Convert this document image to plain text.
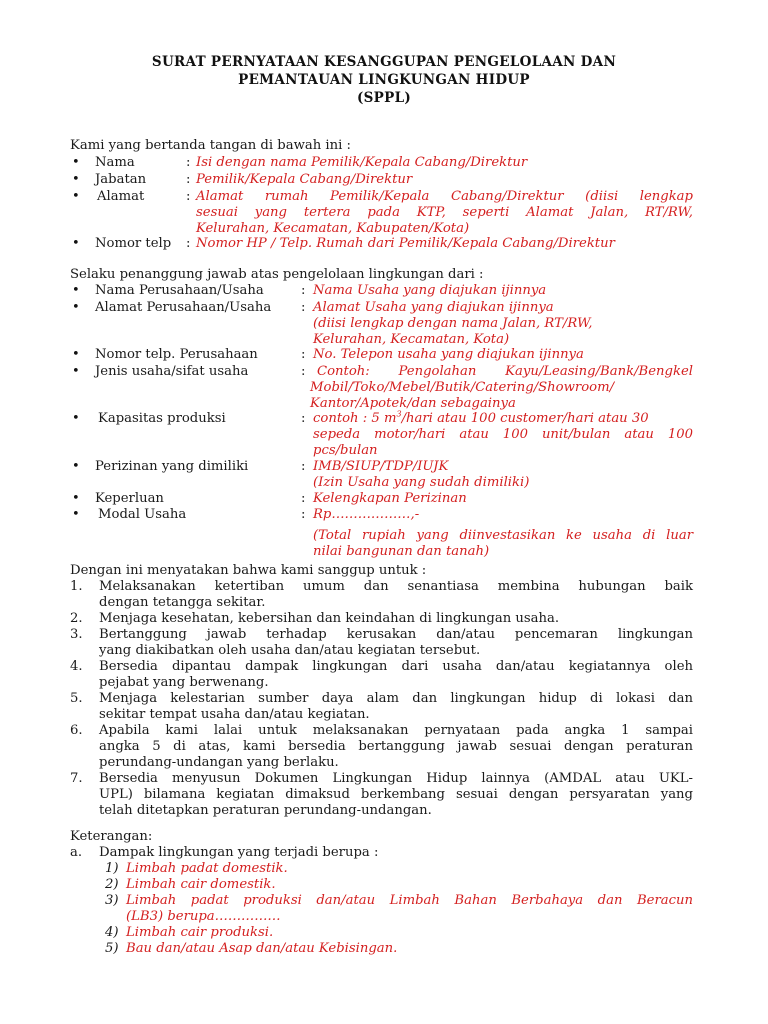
SURAT PERNYATAAN KESANGGUPAN PENGELOLAAN DAN
PEMANTAUAN LINGKUNGAN HIDUP
(SPPL)
Kami yang bertanda tangan di bawah ini :
• Nama	: Isi dengan nama Pemilik/Kepala Cabang/Direktur
• Jabatan	: Pemilik/Kepala Cabang/Direktur
• Alamat	: Alamat rumah Pemilik/Kepala Cabang/Direktur (diisi lengkap
sesuai yang tertera pada KTP, seperti Alamat Jalan, RT/RW,
Kelurahan, Kecamatan, Kabupaten/Kota)
• Nomor telp : Nomor HP / Telp. Rumah dari Pemilik/Kepala Cabang/Direktur
Selaku penanggung jawab atas pengelolaan lingkungan dari :
• Nama Perusahaan/Usaha	: Nama Usaha yang diajukan ijinnya
• Alamat Perusahaan/Usaha : Alamat Usaha yang diajukan ijinnya
(diisi lengkap dengan nama Jalan, RT/RW,
Kelurahan, Kecamatan, Kota)
• Nomor telp. Perusahaan	: No. Telepon usaha yang diajukan ijinnya
• Jenis usaha/sifat usaha	: Contoh: Pengolahan Kayu/Leasing/Bank/Bengkel
Mobil/Toko/Mebel/Butik/Catering/Showroom/
Kantor/Apotek/dan sebagainya
• Kapasitas produksi	: contoh : 5 $m^3$/hari atau 100 customer/hari atau 30
sepeda motor/hari atau 100 unit/bulan atau 100
pcs/bulan
• Perizinan yang dimiliki	: IMB/SIUP/TDP/IUJK
(Izin Usaha yang sudah dimiliki)
• Keperluan	: Kelengkapan Perizinan
• Modal Usaha	: Rp………………,-
(Total rupiah yang diinvestasikan ke usaha di luar
nilai bangunan dan tanah)
Dengan ini menyatakan bahwa kami sanggup untuk :
1. Melaksanakan ketertiban umum dan senantiasa membina hubungan baik
dengan tetangga sekitar.
2. Menjaga kesehatan, kebersihan dan keindahan di lingkungan usaha.
3. Bertanggung jawab terhadap kerusakan dan/atau pencemaran lingkungan
yang diakibatkan oleh usaha dan/atau kegiatan tersebut.
4. Bersedia dipantau dampak lingkungan dari usaha dan/atau kegiatannya oleh
pejabat yang berwenang.
5. Menjaga kelestarian sumber daya alam dan lingkungan hidup di lokasi dan
sekitar tempat usaha dan/atau kegiatan.
6. Apabila kami lalai untuk melaksanakan pernyataan pada angka 1 sampai
angka 5 di atas, kami bersedia bertanggung jawab sesuai dengan peraturan
perundang-undangan yang berlaku.
7. Bersedia menyusun Dokumen Lingkungan Hidup lainnya (AMDAL atau UKL-
UPL) bilamana kegiatan dimaksud berkembang sesuai dengan persyaratan yang
telah ditetapkan peraturan perundang-undangan.
Keterangan:
a. Dampak lingkungan yang terjadi berupa :
1) Limbah padat domestik.
2) Limbah cair domestik.
3) Limbah padat produksi dan/atau Limbah Bahan Berbahaya dan Beracun
(LB3) berupa……………
4) Limbah cair produksi.
5) Bau dan/atau Asap dan/atau Kebisingan.
